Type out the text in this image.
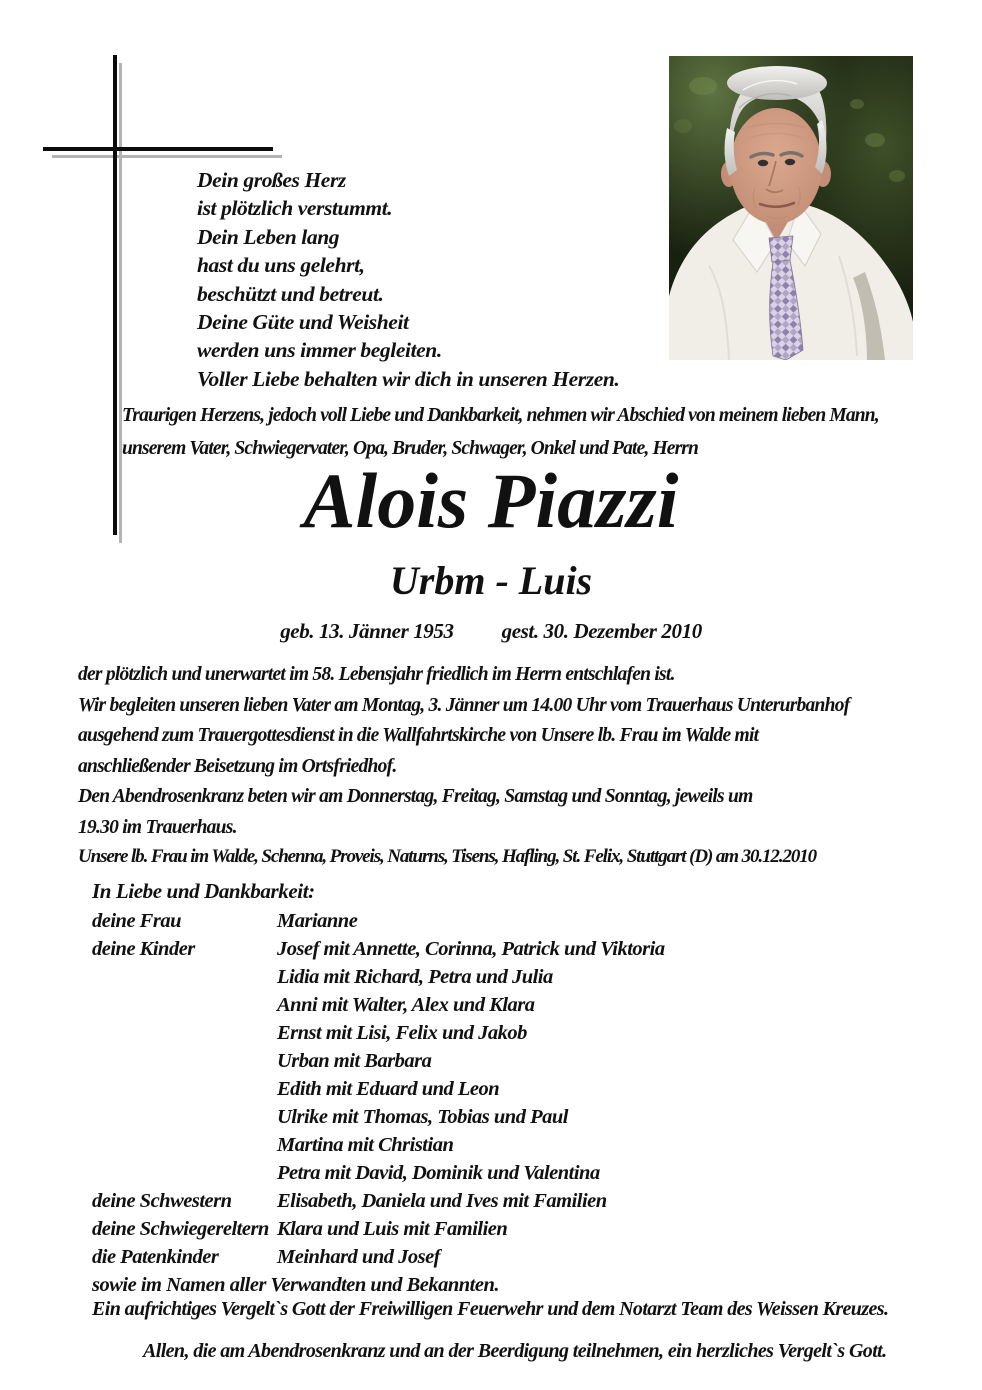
Dein großes Herz
ist plötzlich verstummt.
Dein Leben lang
hast du uns gelehrt,
beschützt und betreut.
Deine Güte und Weisheit
werden uns immer begleiten.
Voller Liebe behalten wir dich in unseren Herzen.
Traurigen Herzens, jedoch voll Liebe und Dankbarkeit, nehmen wir Abschied von meinem lieben Mann,
unserem Vater, Schwiegervater, Opa, Bruder, Schwager, Onkel und Pate, Herrn
Alois Piazzi
Urbm - Luis
geb. 13. Jänner 1953 gest. 30. Dezember 2010
der plötzlich und unerwartet im 58. Lebensjahr friedlich im Herrn entschlafen ist.
Wir begleiten unseren lieben Vater am Montag, 3. Jänner um 14.00 Uhr vom Trauerhaus Unterurbanhof
ausgehend zum Trauergottesdienst in die Wallfahrtskirche von Unsere lb. Frau im Walde mit
anschließender Beisetzung im Ortsfriedhof.
Den Abendrosenkranz beten wir am Donnerstag, Freitag, Samstag und Sonntag, jeweils um
19.30 im Trauerhaus.
Unsere lb. Frau im Walde, Schenna, Proveis, Naturns, Tisens, Hafling, St. Felix, Stuttgart (D) am 30.12.2010
In Liebe und Dankbarkeit:
deine Frau	Marianne
deine Kinder	Josef mit Annette, Corinna, Patrick und Viktoria
Lidia mit Richard, Petra und Julia
Anni mit Walter, Alex und Klara
Ernst mit Lisi, Felix und Jakob
Urban mit Barbara
Edith mit Eduard und Leon
Ulrike mit Thomas, Tobias und Paul
Martina mit Christian
Petra mit David, Dominik und Valentina
deine Schwestern	Elisabeth, Daniela und Ives mit Familien
deine Schwiegereltern Klara und Luis mit Familien
die Patenkinder	Meinhard und Josef
sowie im Namen aller Verwandten und Bekannten.
Ein aufrichtiges Vergelt`s Gott der Freiwilligen Feuerwehr und dem Notarzt Team des Weissen Kreuzes.
Allen, die am Abendrosenkranz und an der Beerdigung teilnehmen, ein herzliches Vergelt`s Gott.
